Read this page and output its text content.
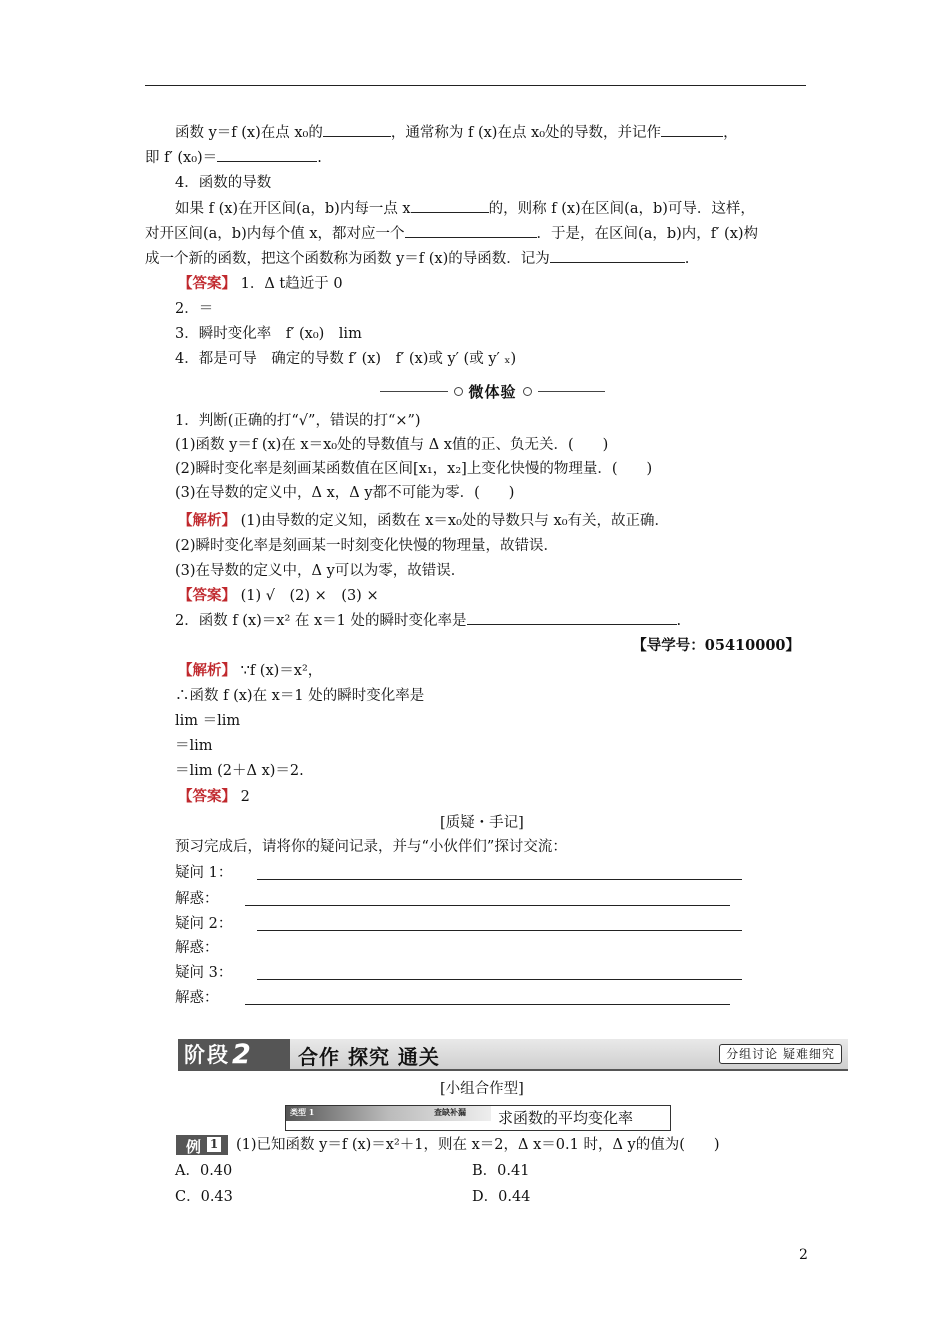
函数 y＝f (x)在点 x₀的	，通常称为 f (x)在点 x₀处的导数，并记作	，
即 f′ (x₀)＝	.
4．函数的导数
如果 f (x)在开区间(a，b)内每一点 x	的，则称 f (x)在区间(a，b)可导．这样，
对开区间(a，b)内每个值 x，都对应一个	．于是，在区间(a，b)内，f′ (x)构
成一个新的函数，把这个函数称为函数 y＝f (x)的导函数．记为	.
【答案】 1．Δ t趋近于 0
2．＝
3．瞬时变化率　f′ (x₀)　lim
4．都是可导　确定的导数 f′ (x)　f′ (x)或 y′ (或 y′ ₓ)
微体验
1．判断(正确的打“√”，错误的打“×”)
(1)函数 y＝f (x)在 x＝x₀处的导数值与 Δ x值的正、负无关．(　　)
(2)瞬时变化率是刻画某函数值在区间[x₁，x₂]上变化快慢的物理量．(　　)
(3)在导数的定义中，Δ x，Δ y都不可能为零．(　　)
【解析】 (1)由导数的定义知，函数在 x＝x₀处的导数只与 x₀有关，故正确．
(2)瞬时变化率是刻画某一时刻变化快慢的物理量，故错误．
(3)在导数的定义中，Δ y可以为零，故错误．
【答案】 (1) √　(2) ×　(3) ×
2．函数 f (x)＝x² 在 x＝1 处的瞬时变化率是	.
【导学号：05410000】
【解析】 ∵f (x)＝x²，
∴函数 f (x)在 x＝1 处的瞬时变化率是
lim ＝lim
＝lim
＝lim (2＋Δ x)＝2.
【答案】 2
[质疑・手记]
预习完成后，请将你的疑问记录，并与“小伙伴们”探讨交流：
疑问 1：
解惑：
疑问 2：
解惑：
疑问 3：
解惑：
阶段 2 合作 探究 通关	分组讨论 疑难细究
[小组合作型]
类型 1	查缺补漏 求函数的平均变化率
例 1 (1)已知函数 y＝f (x)＝x²＋1，则在 x＝2，Δ x＝0.1 时，Δ y的值为(　　)
A．0.40	B．0.41
C．0.43	D．0.44
2
